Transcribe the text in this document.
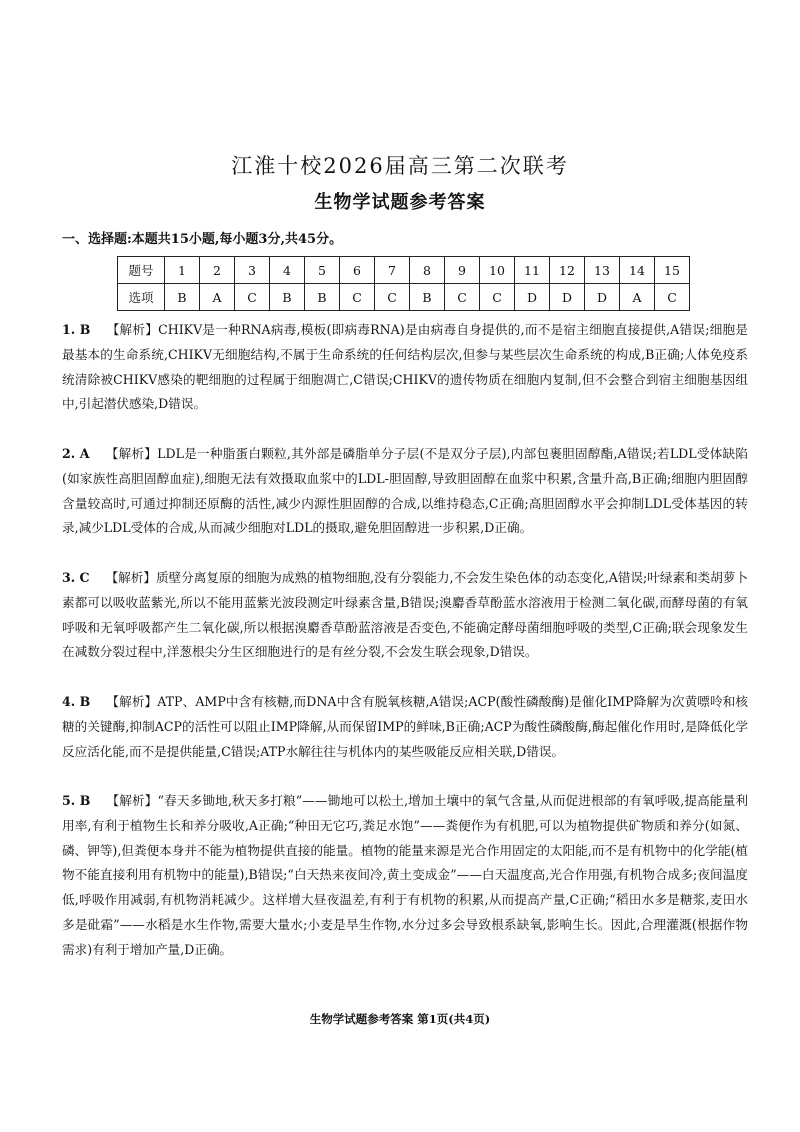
江淮十校2026届高三第二次联考
生物学试题参考答案
一、选择题:本题共15小题,每小题3分,共45分。
题号	1	2	3	4	5	6	7	8	9	10	11	12	13	14	15
选项	B	A	C	B	B	C	C	B	C	C	D	D	D	A	C
1. B 【解析】CHIKV是一种RNA病毒,模板(即病毒RNA)是由病毒自身提供的,而不是宿主细胞直接提供,A错误;细胞是最基本的生命系统,CHIKV无细胞结构,不属于生命系统的任何结构层次,但参与某些层次生命系统的构成,B正确;人体免疫系统清除被CHIKV感染的靶细胞的过程属于细胞凋亡,C错误;CHIKV的遗传物质在细胞内复制,但不会整合到宿主细胞基因组中,引起潜伏感染,D错误。
2. A 【解析】LDL是一种脂蛋白颗粒,其外部是磷脂单分子层(不是双分子层),内部包裹胆固醇酯,A错误;若LDL受体缺陷(如家族性高胆固醇血症),细胞无法有效摄取血浆中的LDL-胆固醇,导致胆固醇在血浆中积累,含量升高,B正确;细胞内胆固醇含量较高时,可通过抑制还原酶的活性,减少内源性胆固醇的合成,以维持稳态,C正确;高胆固醇水平会抑制LDL受体基因的转录,减少LDL受体的合成,从而减少细胞对LDL的摄取,避免胆固醇进一步积累,D正确。
3. C 【解析】质壁分离复原的细胞为成熟的植物细胞,没有分裂能力,不会发生染色体的动态变化,A错误;叶绿素和类胡萝卜素都可以吸收蓝紫光,所以不能用蓝紫光波段测定叶绿素含量,B错误;溴麝香草酚蓝水溶液用于检测二氧化碳,而酵母菌的有氧呼吸和无氧呼吸都产生二氧化碳,所以根据溴麝香草酚蓝溶液是否变色,不能确定酵母菌细胞呼吸的类型,C正确;联会现象发生在减数分裂过程中,洋葱根尖分生区细胞进行的是有丝分裂,不会发生联会现象,D错误。
4. B 【解析】ATP、AMP中含有核糖,而DNA中含有脱氧核糖,A错误;ACP(酸性磷酸酶)是催化IMP降解为次黄嘌呤和核糖的关键酶,抑制ACP的活性可以阻止IMP降解,从而保留IMP的鲜味,B正确;ACP为酸性磷酸酶,酶起催化作用时,是降低化学反应活化能,而不是提供能量,C错误;ATP水解往往与机体内的某些吸能反应相关联,D错误。
5. B 【解析】“春天多锄地,秋天多打粮”——锄地可以松土,增加土壤中的氧气含量,从而促进根部的有氧呼吸,提高能量利用率,有利于植物生长和养分吸收,A正确;“种田无它巧,粪足水饱”——粪便作为有机肥,可以为植物提供矿物质和养分(如氮、磷、钾等),但粪便本身并不能为植物提供直接的能量。植物的能量来源是光合作用固定的太阳能,而不是有机物中的化学能(植物不能直接利用有机物中的能量),B错误;“白天热来夜间冷,黄土变成金”——白天温度高,光合作用强,有机物合成多;夜间温度低,呼吸作用减弱,有机物消耗减少。这样增大昼夜温差,有利于有机物的积累,从而提高产量,C正确;“稻田水多是糖浆,麦田水多是砒霜”——水稻是水生作物,需要大量水;小麦是旱生作物,水分过多会导致根系缺氧,影响生长。因此,合理灌溉(根据作物需求)有利于增加产量,D正确。
生物学试题参考答案 第1页(共4页)
